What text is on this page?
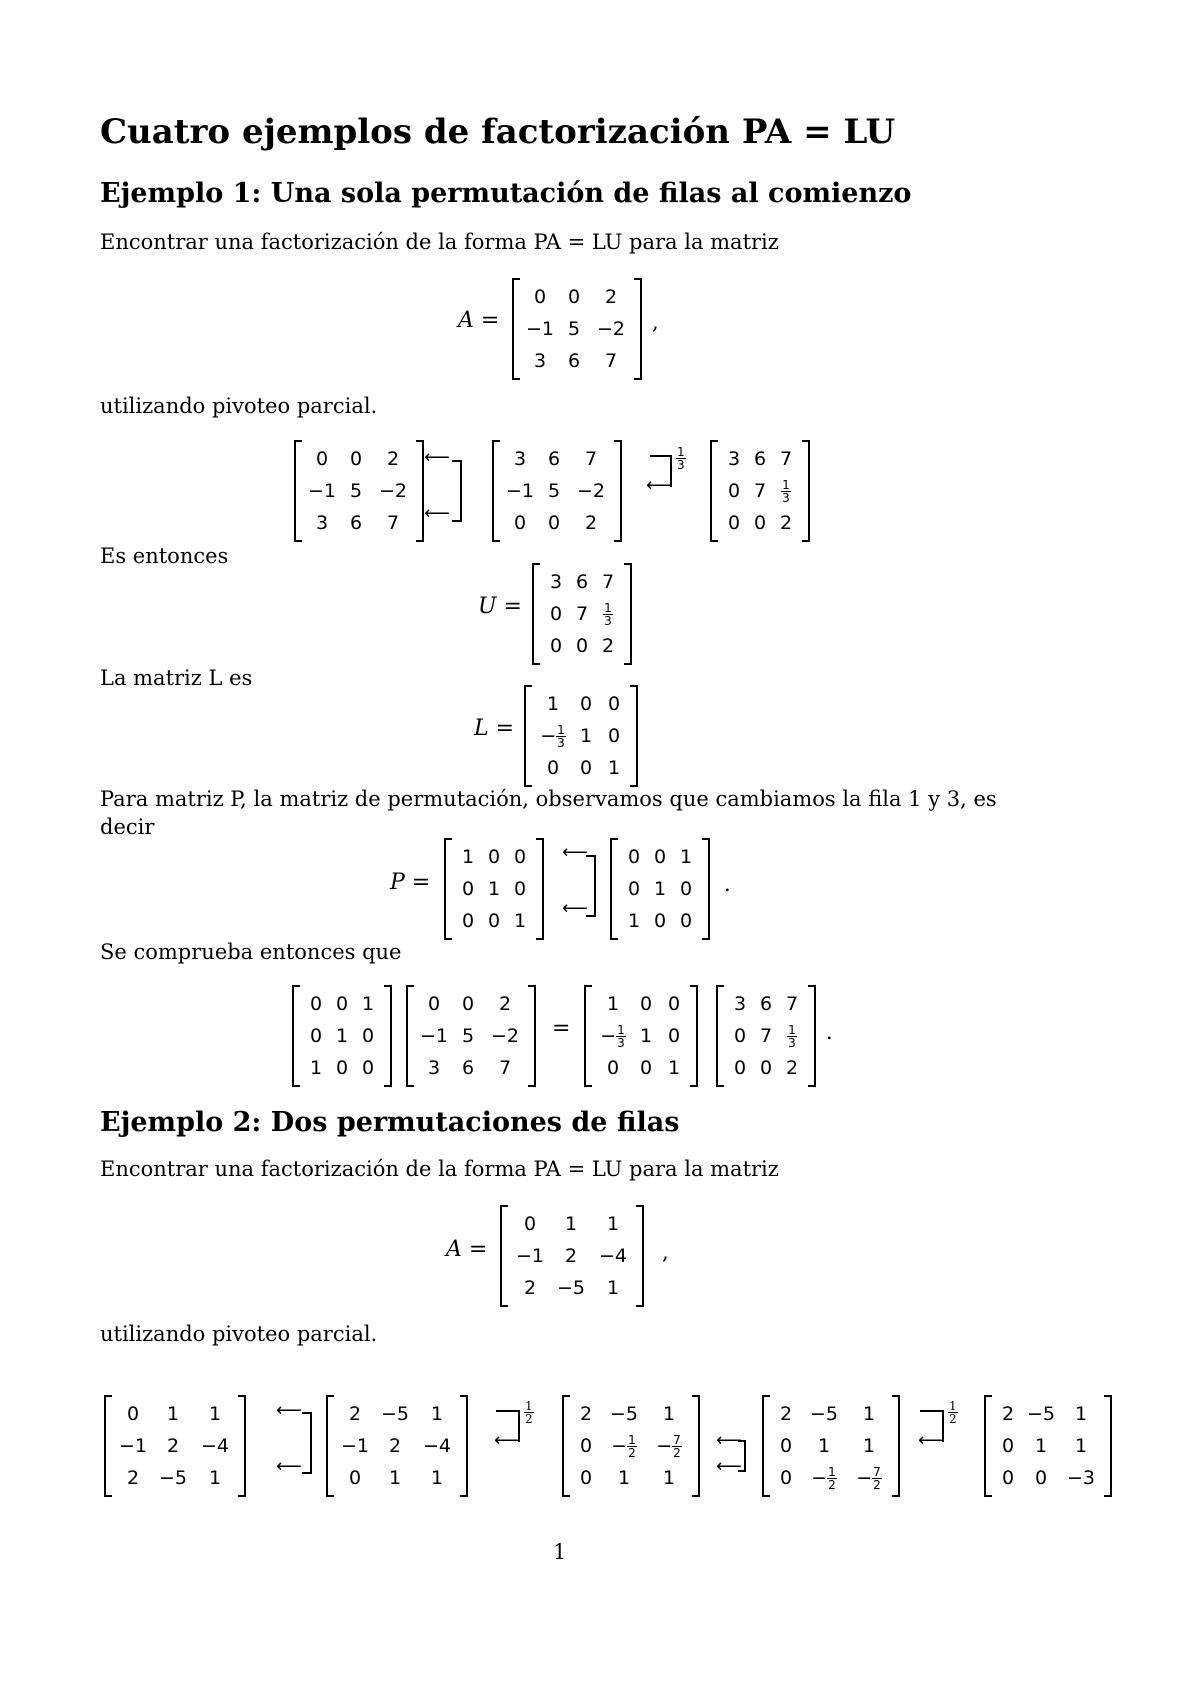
Cuatro ejemplos de factorización PA = LU
Ejemplo 1: Una sola permutación de filas al comienzo
Encontrar una factorización de la forma PA = LU para la matriz
A =
0 0 2
−1 5 −2
3 6 7
,
utilizando pivoteo parcial.
0 0 2
−1 5 −2
3 6 7
⟵
⟵
3 6 7
−1 5 −2
0 0 2
⟵
$\frac{1}{3} 3$ 6 7
0 $7 \frac{1}{3}$
0 0 2
Es entonces
U =
3 6 7
0 $7 \frac{1}{3}$
0 0 2
La matriz L es
L =
1 0 0
− $\frac{1}{3} 1$ 0
0 0 1
Para matriz P, la matriz de permutación, observamos que cambiamos la fila 1 y 3, es
decir
P =
1 0 0
0 1 0
0 0 1
⟵
⟵
0 0 1
0 1 0
1 0 0
.
Se comprueba entonces que
0 0 1
0 1 0
1 0 0
0 0 2
−1 5 −2
3 6 7
=
1 0 0
− $\frac{1}{3} 1$ 0
0 0 1
3 6 7
0 $7 \frac{1}{3}$
0 0 2
.
Ejemplo 2: Dos permutaciones de filas
Encontrar una factorización de la forma PA = LU para la matriz
A =
0 1 1
−1 2 −4
2 −5 1
,
utilizando pivoteo parcial.
0 1 1
−1 2 −4
2 −5 1
⟵
⟵
2 −5 1
−1 2 −4
0 1 1
⟵
$\frac{1}{2} 2 -5$ 1
$0 - \frac{1}{2} - \frac{7}{2}$
0 1 1
⟵
⟵
2 −5 1
0 1 1
$0 - \frac{1}{2} - \frac{7}{2}$
⟵
$\frac{1}{2} 2 -5$ 1
0 1 1
0 0 −3
1
